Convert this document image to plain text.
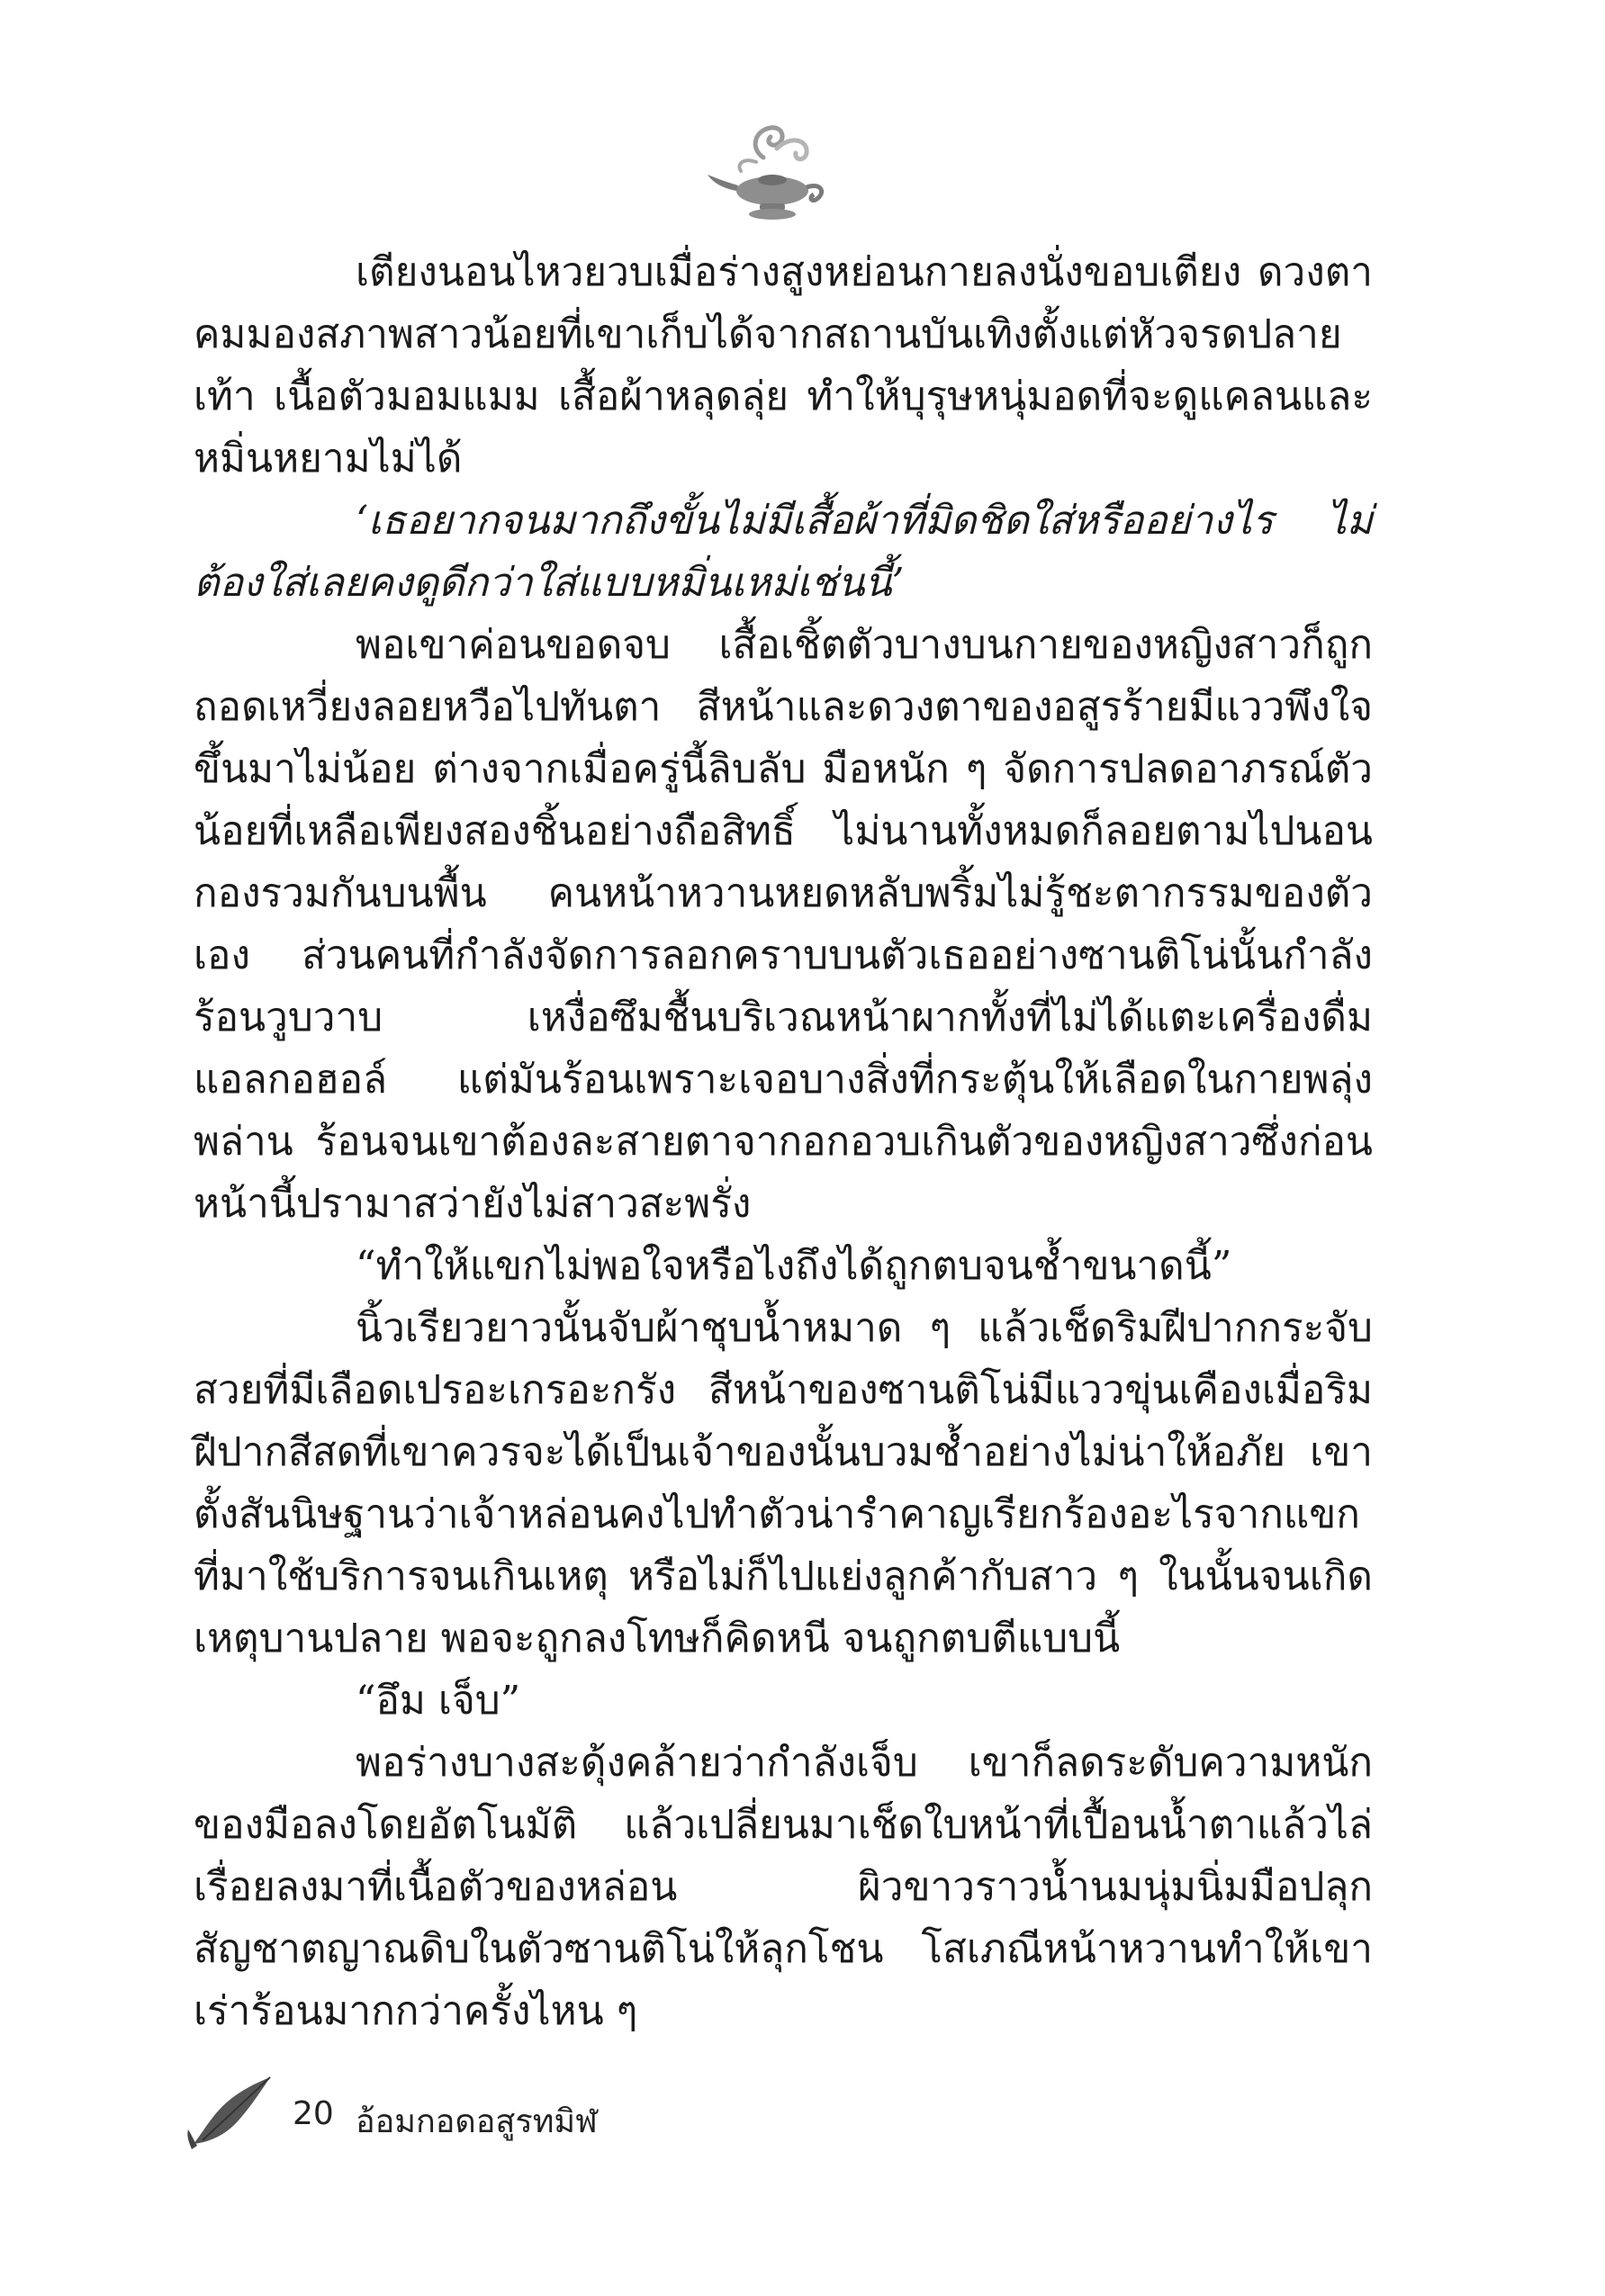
เตียงนอนไหวยวบเมื่อร่างสูงหย่อนกายลงนั่งขอบเตียง ดวงตาคมมองสภาพสาวน้อยที่เขาเก็บได้จากสถานบันเทิงตั้งแต่หัวจรดปลายเท้า เนื้อตัวมอมแมม เสื้อผ้าหลุดลุ่ย ทำให้บุรุษหนุ่มอดที่จะดูแคลนและหมิ่นหยามไม่ได้

‘เธอยากจนมากถึงขั้นไม่มีเสื้อผ้าที่มิดชิดใส่หรืออย่างไร ไม่ต้องใส่เลยคงดูดีกว่าใส่แบบหมิ่นเหม่เช่นนี้’

พอเขาค่อนขอดจบ เสื้อเชิ้ตตัวบางบนกายของหญิงสาวก็ถูกถอดเหวี่ยงลอยหวือไปทันตา สีหน้าและดวงตาของอสูรร้ายมีแววพึงใจขึ้นมาไม่น้อย ต่างจากเมื่อครู่นี้ลิบลับ มือหนัก ๆ จัดการปลดอาภรณ์ตัวน้อยที่เหลือเพียงสองชิ้นอย่างถือสิทธิ์ ไม่นานทั้งหมดก็ลอยตามไปนอนกองรวมกันบนพื้น คนหน้าหวานหยดหลับพริ้มไม่รู้ชะตากรรมของตัวเอง ส่วนคนที่กำลังจัดการลอกคราบบนตัวเธออย่างซานติโน่นั้นกำลังร้อนวูบวาบ เหงื่อซึมชื้นบริเวณหน้าผากทั้งที่ไม่ได้แตะเครื่องดื่มแอลกอฮอล์ แต่มันร้อนเพราะเจอบางสิ่งที่กระตุ้นให้เลือดในกายพลุ่งพล่าน ร้อนจนเขาต้องละสายตาจากอกอวบเกินตัวของหญิงสาวซึ่งก่อนหน้านี้ปรามาสว่ายังไม่สาวสะพรั่ง

“ทำให้แขกไม่พอใจหรือไงถึงได้ถูกตบจนช้ำขนาดนี้”

นิ้วเรียวยาวนั้นจับผ้าชุบน้ำหมาด ๆ แล้วเช็ดริมฝีปากกระจับสวยที่มีเลือดเปรอะเกรอะกรัง สีหน้าของซานติโน่มีแววขุ่นเคืองเมื่อริมฝีปากสีสดที่เขาควรจะได้เป็นเจ้าของนั้นบวมช้ำอย่างไม่น่าให้อภัย เขาตั้งสันนิษฐานว่าเจ้าหล่อนคงไปทำตัวน่ารำคาญเรียกร้องอะไรจากแขกที่มาใช้บริการจนเกินเหตุ หรือไม่ก็ไปแย่งลูกค้ากับสาว ๆ ในนั้นจนเกิดเหตุบานปลาย พอจะถูกลงโทษก็คิดหนี จนถูกตบตีแบบนี้

“อึม เจ็บ”

พอร่างบางสะดุ้งคล้ายว่ากำลังเจ็บ เขาก็ลดระดับความหนักของมือลงโดยอัตโนมัติ แล้วเปลี่ยนมาเช็ดใบหน้าที่เปื้อนน้ำตาแล้วไล่เรื่อยลงมาที่เนื้อตัวของหล่อน ผิวขาวราวน้ำนมนุ่มนิ่มมือปลุกสัญชาตญาณดิบในตัวซานติโน่ให้ลุกโชน โสเภณีหน้าหวานทำให้เขาเร่าร้อนมากกว่าครั้งไหน ๆ

20 อ้อมกอดอสูรทมิฬ
